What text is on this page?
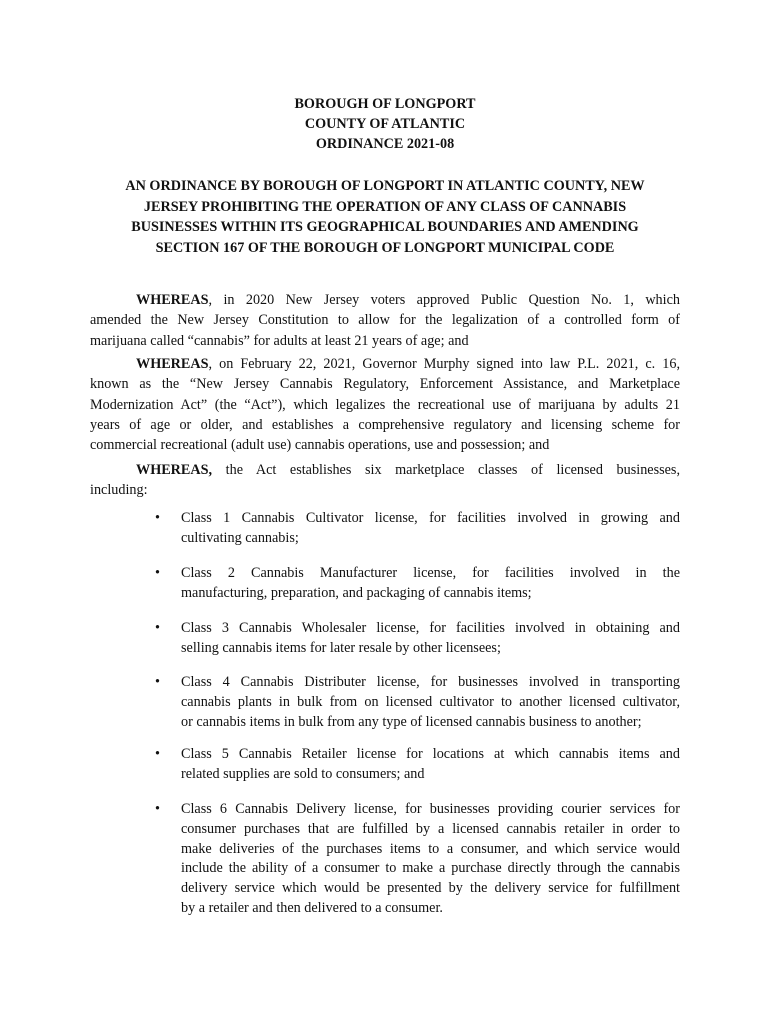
BOROUGH OF LONGPORT
COUNTY OF ATLANTIC
ORDINANCE 2021-08
AN ORDINANCE BY BOROUGH OF LONGPORT IN ATLANTIC COUNTY, NEW
JERSEY PROHIBITING THE OPERATION OF ANY CLASS OF CANNABIS
BUSINESSES WITHIN ITS GEOGRAPHICAL BOUNDARIES AND AMENDING
SECTION 167 OF THE BOROUGH OF LONGPORT MUNICIPAL CODE
WHEREAS, in 2020 New Jersey voters approved Public Question No. 1, which
amended the New Jersey Constitution to allow for the legalization of a controlled form of
marijuana called “cannabis” for adults at least 21 years of age; and
WHEREAS, on February 22, 2021, Governor Murphy signed into law P.L. 2021, c. 16,
known as the “New Jersey Cannabis Regulatory, Enforcement Assistance, and Marketplace
Modernization Act” (the “Act”), which legalizes the recreational use of marijuana by adults 21
years of age or older, and establishes a comprehensive regulatory and licensing scheme for
commercial recreational (adult use) cannabis operations, use and possession; and
WHEREAS, the Act establishes six marketplace classes of licensed businesses,
including:
• Class 1 Cannabis Cultivator license, for facilities involved in growing and
cultivating cannabis;
• Class 2 Cannabis Manufacturer license, for facilities involved in the
manufacturing, preparation, and packaging of cannabis items;
• Class 3 Cannabis Wholesaler license, for facilities involved in obtaining and
selling cannabis items for later resale by other licensees;
• Class 4 Cannabis Distributer license, for businesses involved in transporting
cannabis plants in bulk from on licensed cultivator to another licensed cultivator,
or cannabis items in bulk from any type of licensed cannabis business to another;
• Class 5 Cannabis Retailer license for locations at which cannabis items and
related supplies are sold to consumers; and
• Class 6 Cannabis Delivery license, for businesses providing courier services for
consumer purchases that are fulfilled by a licensed cannabis retailer in order to
make deliveries of the purchases items to a consumer, and which service would
include the ability of a consumer to make a purchase directly through the cannabis
delivery service which would be presented by the delivery service for fulfillment
by a retailer and then delivered to a consumer.
